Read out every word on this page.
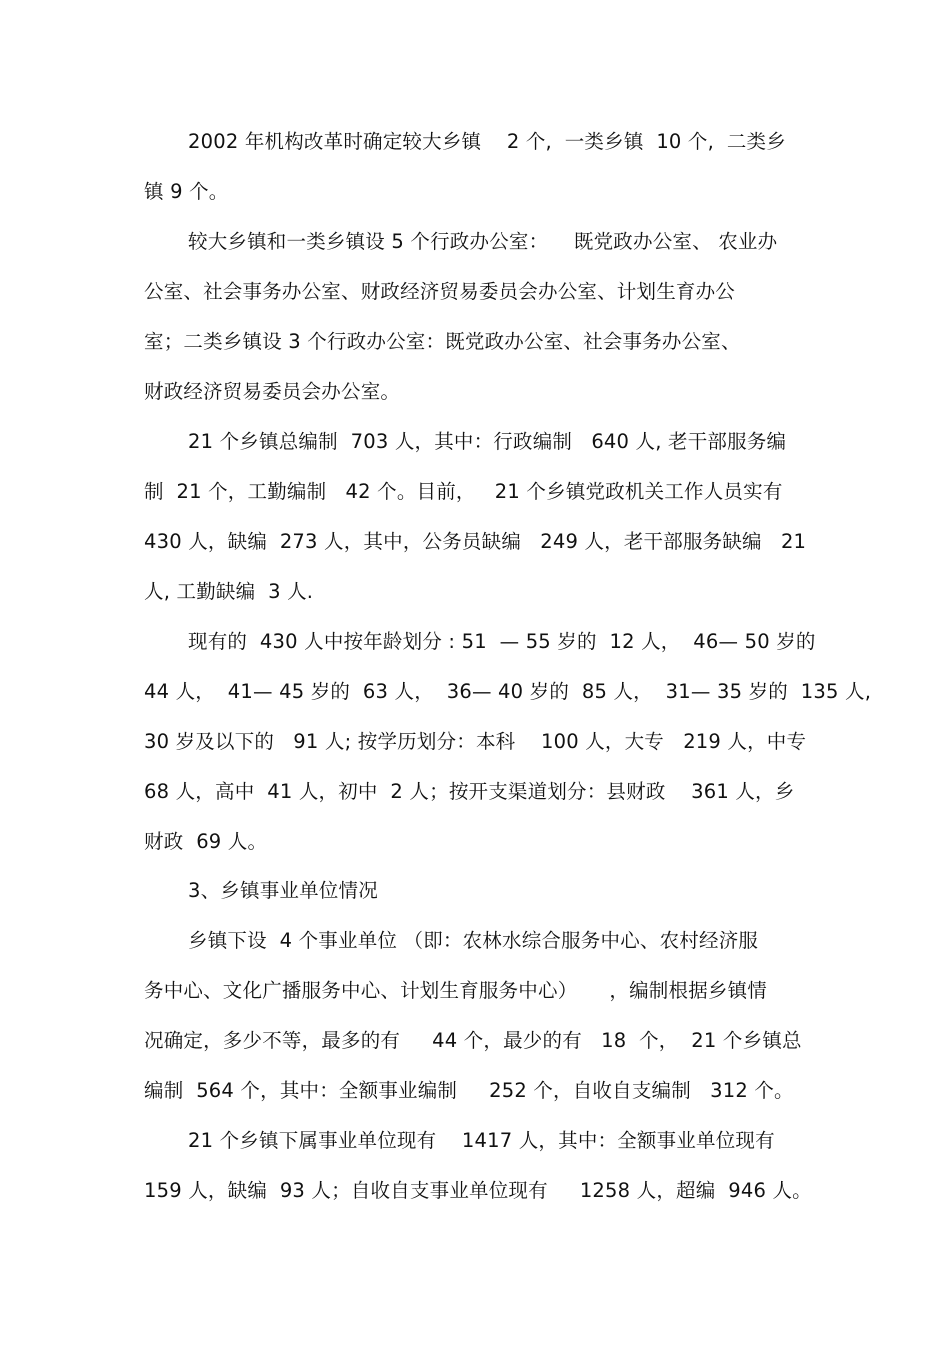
2002 年机构改革时确定较大乡镇    2 个,  一类乡镇  10 个,  二类乡
镇 9 个。
较大乡镇和一类乡镇设 5 个行政办公室：    既党政办公室、 农业办
公室、社会事务办公室、财政经济贸易委员会办公室、计划生育办公
室；二类乡镇设 3 个行政办公室：既党政办公室、社会事务办公室、
财政经济贸易委员会办公室。
21 个乡镇总编制  703 人，其中：行政编制   640 人, 老干部服务编
制  21 个，工勤编制   42 个。目前，   21 个乡镇党政机关工作人员实有
430 人，缺编  273 人，其中，公务员缺编   249 人，老干部服务缺编   21
人, 工勤缺编  3 人.
现有的  430 人中按年龄划分 : 51  — 55 岁的  12 人，  46— 50 岁的
44 人，  41— 45 岁的  63 人，  36— 40 岁的  85 人，  31— 35 岁的  135 人,
30 岁及以下的   91 人; 按学历划分：本科    100 人，大专   219 人，中专
68 人，高中  41 人，初中  2 人；按开支渠道划分：县财政    361 人，乡
财政  69 人。
3、乡镇事业单位情况
乡镇下设  4 个事业单位 （即：农林水综合服务中心、农村经济服
务中心、文化广播服务中心、计划生育服务中心）     ，编制根据乡镇情
况确定，多少不等，最多的有     44 个，最少的有   18  个，  21 个乡镇总
编制  564 个，其中：全额事业编制     252 个，自收自支编制   312 个。
21 个乡镇下属事业单位现有    1417 人，其中：全额事业单位现有
159 人，缺编  93 人；自收自支事业单位现有     1258 人，超编  946 人。
